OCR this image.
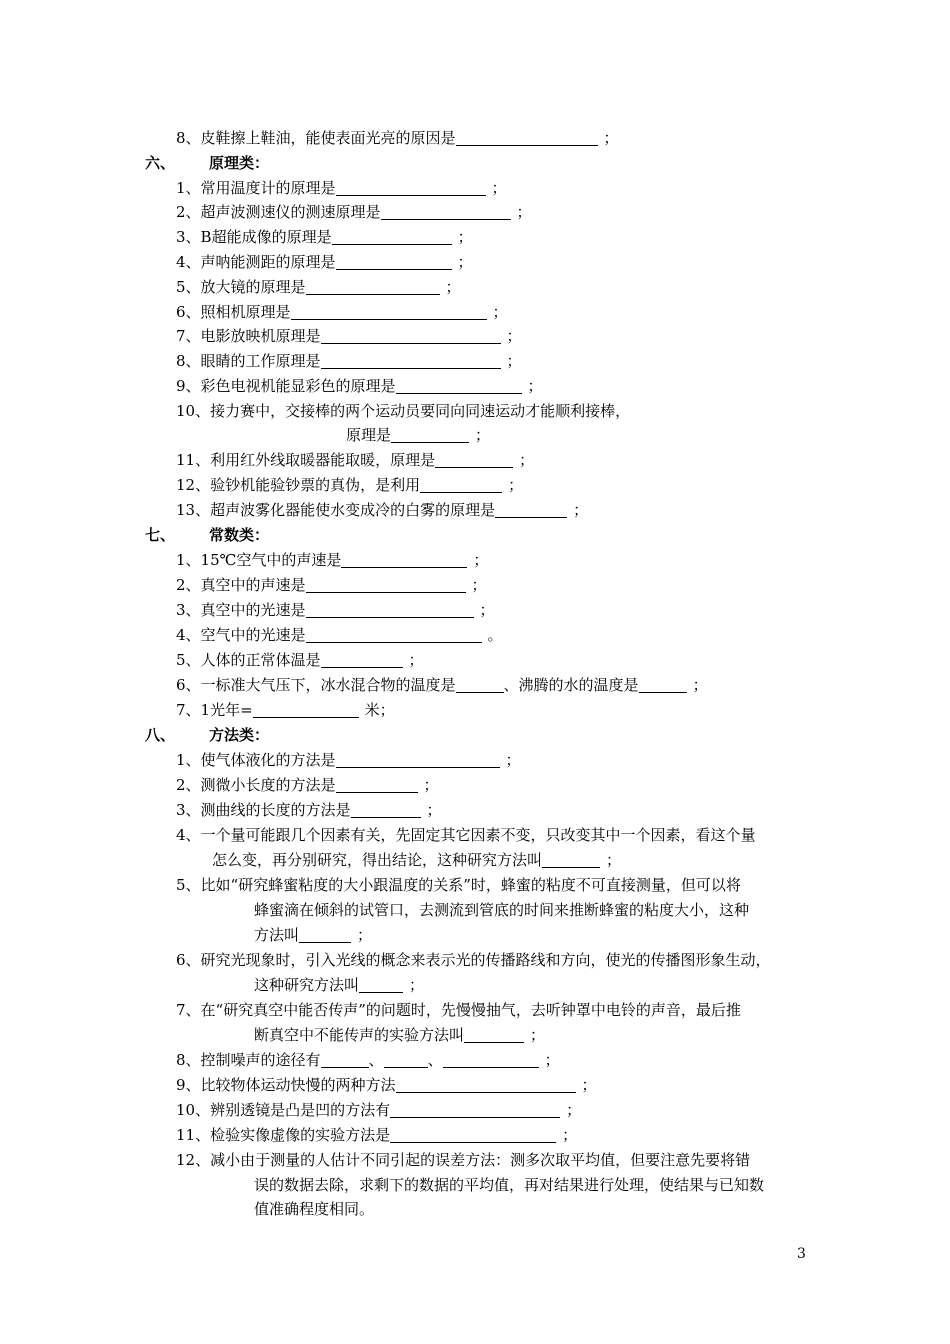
8、皮鞋擦上鞋油，能使表面光亮的原因是	；
六、 原理类：
1、常用温度计的原理是	；
2、超声波测速仪的测速原理是	；
3、B超能成像的原理是	；
4、声呐能测距的原理是	；
5、放大镜的原理是	；
6、照相机原理是	；
7、电影放映机原理是	；
8、眼睛的工作原理是	；
9、彩色电视机能显彩色的原理是	；
10、接力赛中，交接棒的两个运动员要同向同速运动才能顺利接棒，
原理是	；
11、利用红外线取暖器能取暖，原理是	；
12、验钞机能验钞票的真伪，是利用	；
13、超声波雾化器能使水变成冷的白雾的原理是	；
七、 常数类：
1、15℃空气中的声速是	；
2、真空中的声速是	；
3、真空中的光速是	；
4、空气中的光速是	。
5、人体的正常体温是	；
6、一标准大气压下，冰水混合物的温度是	、沸腾的水的温度是	；
7、1光年=	米；
八、 方法类：
1、使气体液化的方法是	；
2、测微小长度的方法是	；
3、测曲线的长度的方法是	；
4、一个量可能跟几个因素有关，先固定其它因素不变，只改变其中一个因素，看这个量
怎么变，再分别研究，得出结论，这种研究方法叫	；
5、比如“研究蜂蜜粘度的大小跟温度的关系”时，蜂蜜的粘度不可直接测量，但可以将
蜂蜜滴在倾斜的试管口，去测流到管底的时间来推断蜂蜜的粘度大小，这种
方法叫	；
6、研究光现象时，引入光线的概念来表示光的传播路线和方向，使光的传播图形象生动，
这种研究方法叫	；
7、在“研究真空中能否传声”的问题时，先慢慢抽气，去听钟罩中电铃的声音，最后推
断真空中不能传声的实验方法叫	；
8、控制噪声的途径有	、	、	；
9、比较物体运动快慢的两种方法	；
10、辨别透镜是凸是凹的方法有	；
11、检验实像虚像的实验方法是	；
12、减小由于测量的人估计不同引起的误差方法：测多次取平均值，但要注意先要将错
误的数据去除，求剩下的数据的平均值，再对结果进行处理，使结果与已知数
值准确程度相同。
3
